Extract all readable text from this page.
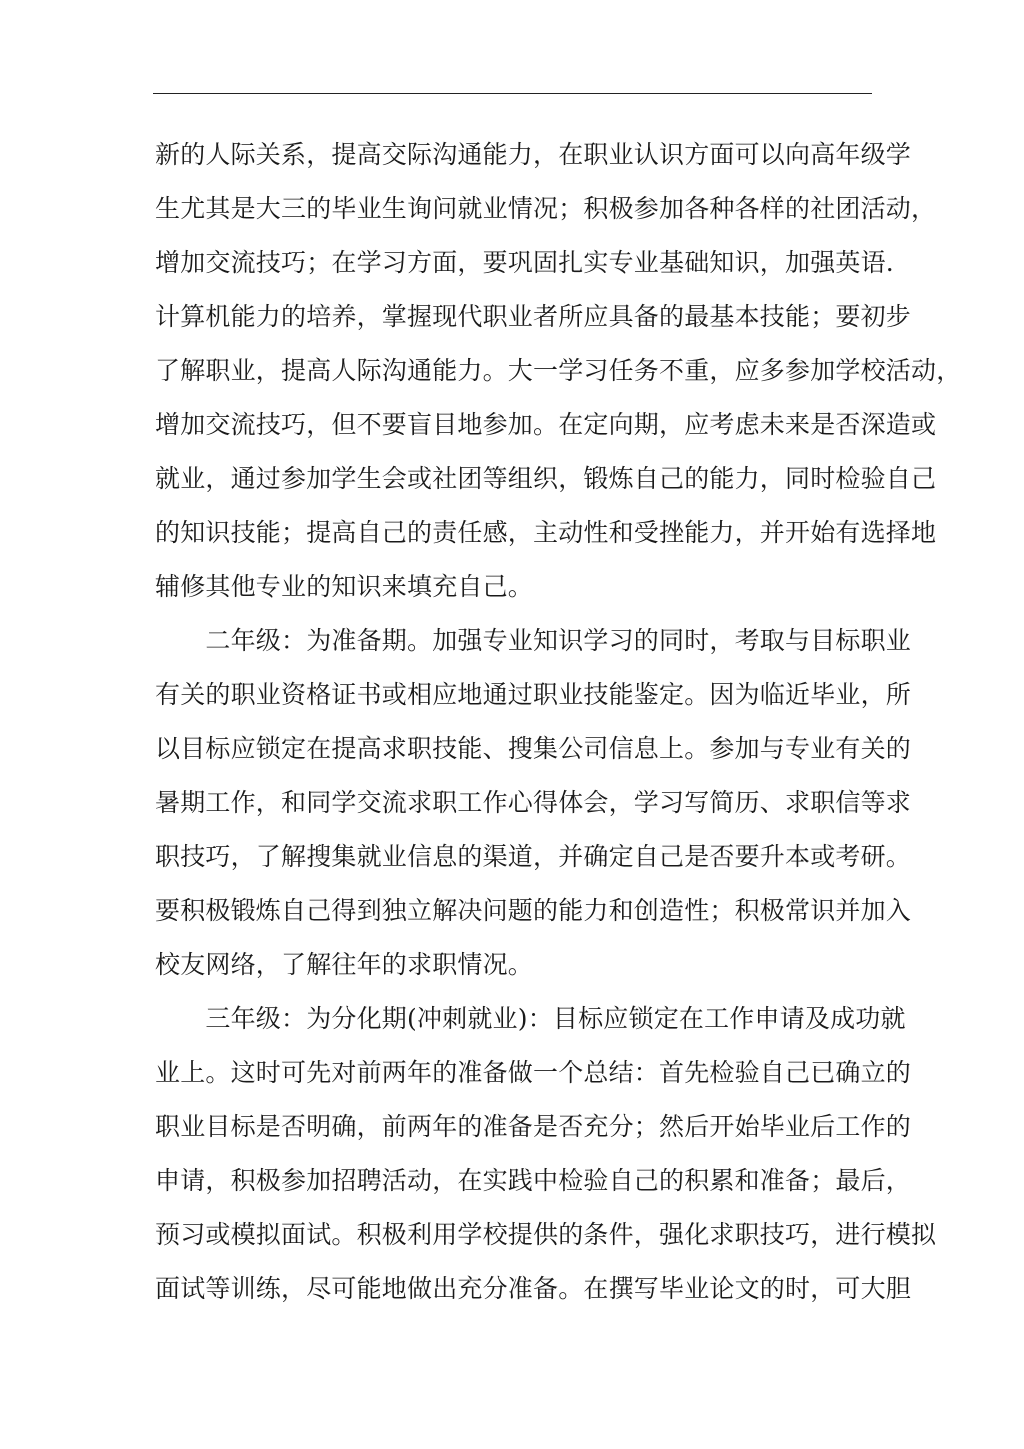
新的人际关系，提高交际沟通能力，在职业认识方面可以向高年级学
生尤其是大三的毕业生询问就业情况；积极参加各种各样的社团活动，
增加交流技巧；在学习方面，要巩固扎实专业基础知识，加强英语.
计算机能力的培养，掌握现代职业者所应具备的最基本技能；要初步
了解职业，提高人际沟通能力。大一学习任务不重，应多参加学校活动，
增加交流技巧，但不要盲目地参加。在定向期，应考虑未来是否深造或
就业，通过参加学生会或社团等组织，锻炼自己的能力，同时检验自己
的知识技能；提高自己的责任感，主动性和受挫能力，并开始有选择地
辅修其他专业的知识来填充自己。
　　二年级：为准备期。加强专业知识学习的同时，考取与目标职业
有关的职业资格证书或相应地通过职业技能鉴定。因为临近毕业，所
以目标应锁定在提高求职技能、搜集公司信息上。参加与专业有关的
暑期工作，和同学交流求职工作心得体会，学习写简历、求职信等求
职技巧，了解搜集就业信息的渠道，并确定自己是否要升本或考研。
要积极锻炼自己得到独立解决问题的能力和创造性；积极常识并加入
校友网络，了解往年的求职情况。
　　三年级：为分化期(冲刺就业)：目标应锁定在工作申请及成功就
业上。这时可先对前两年的准备做一个总结：首先检验自己已确立的
职业目标是否明确，前两年的准备是否充分；然后开始毕业后工作的
申请，积极参加招聘活动，在实践中检验自己的积累和准备；最后，
预习或模拟面试。积极利用学校提供的条件，强化求职技巧，进行模拟
面试等训练，尽可能地做出充分准备。在撰写毕业论文的时，可大胆
